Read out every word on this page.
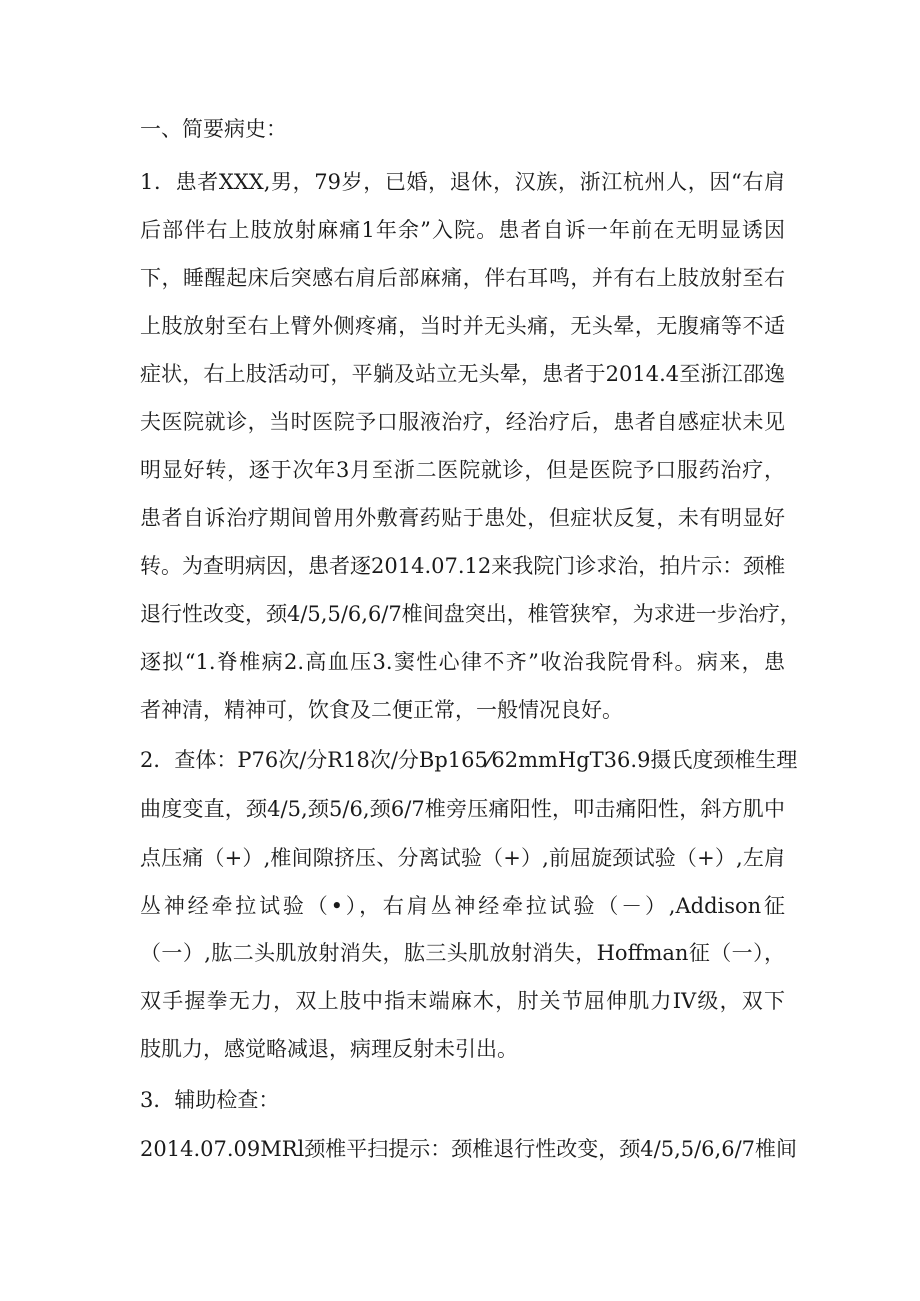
一、简要病史：
1．患者XXX,男，79岁，已婚，退休，汉族，浙江杭州人，因“右肩
后部伴右上肢放射麻痛1年余”入院。患者自诉一年前在无明显诱因
下，睡醒起床后突感右肩后部麻痛，伴右耳鸣，并有右上肢放射至右
上肢放射至右上臂外侧疼痛，当时并无头痛，无头晕，无腹痛等不适
症状，右上肢活动可，平躺及站立无头晕，患者于2014.4至浙江邵逸
夫医院就诊，当时医院予口服液治疗，经治疗后，患者自感症状未见
明显好转，逐于次年3月至浙二医院就诊，但是医院予口服药治疗，
患者自诉治疗期间曾用外敷膏药贴于患处，但症状反复，未有明显好
转。为查明病因，患者逐2014.07.12来我院门诊求治，拍片示：颈椎
退行性改变，颈4/5,5/6,6/7椎间盘突出，椎管狭窄，为求进一步治疗，
逐拟“1.脊椎病2.高血压3.窦性心律不齐”收治我院骨科。病来，患
者神清，精神可，饮食及二便正常，一般情况良好。
2．查体：P76次/分R18次/分Bp165⁄62mmHgT36.9摄氏度颈椎生理
曲度变直，颈4/5,颈5/6,颈6/7椎旁压痛阳性，叩击痛阳性，斜方肌中
点压痛（+）,椎间隙挤压、分离试验（+）,前屈旋颈试验（+）,左肩
丛神经牵拉试验（•），右肩丛神经牵拉试验（－）,Addison征
（一）,肱二头肌放射消失，肱三头肌放射消失，Hoffman征（一），
双手握拳无力，双上肢中指末端麻木，肘关节屈伸肌力IV级，双下
肢肌力，感觉略减退，病理反射未引出。
3．辅助检查：
2014.07.09MRl颈椎平扫提示：颈椎退行性改变，颈4/5,5/6,6/7椎间
